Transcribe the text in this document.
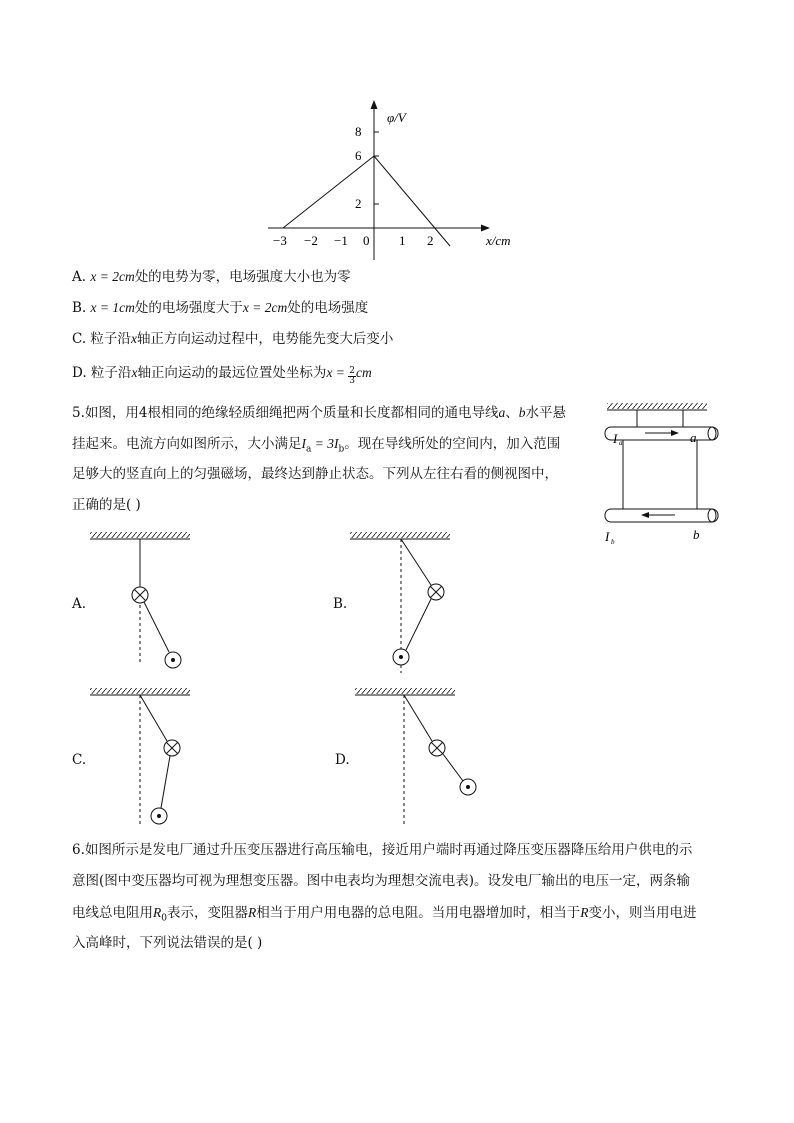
φ/V
8
6
2
−3 −2 −1 0 1 2	x/cm
A. x = 2cm处的电势为零，电场强度大小也为零
B. x = 1cm处的电场强度大于x = 2cm处的电场强度
C. 粒子沿x轴正方向运动过程中，电势能先变大后变小
D. 粒子沿x轴正向运动的最远位置处坐标为$x = \frac{2}{3}$ cm
5.如图，用4根相同的绝缘轻质细绳把两个质量和长度都相同的通电导线a、b水平悬
挂起来。电流方向如图所示，大小满足$I_a = 3I_b$。现在导线所处的空间内，加入范围
足够大的竖直向上的匀强磁场，最终达到静止状态。下列从左往右看的侧视图中，
正确的是( )
I a	a
I b	b
A.	B.
C.	D.
6.如图所示是发电厂通过升压变压器进行高压输电，接近用户端时再通过降压变压器降压给用户供电的示
意图(图中变压器均可视为理想变压器。图中电表均为理想交流电表)。设发电厂输出的电压一定，两条输
电线总电阻用$R_0$表示，变阻器R相当于用户用电器的总电阻。当用电器增加时，相当于R变小，则当用电进
入高峰时，下列说法错误的是( )
